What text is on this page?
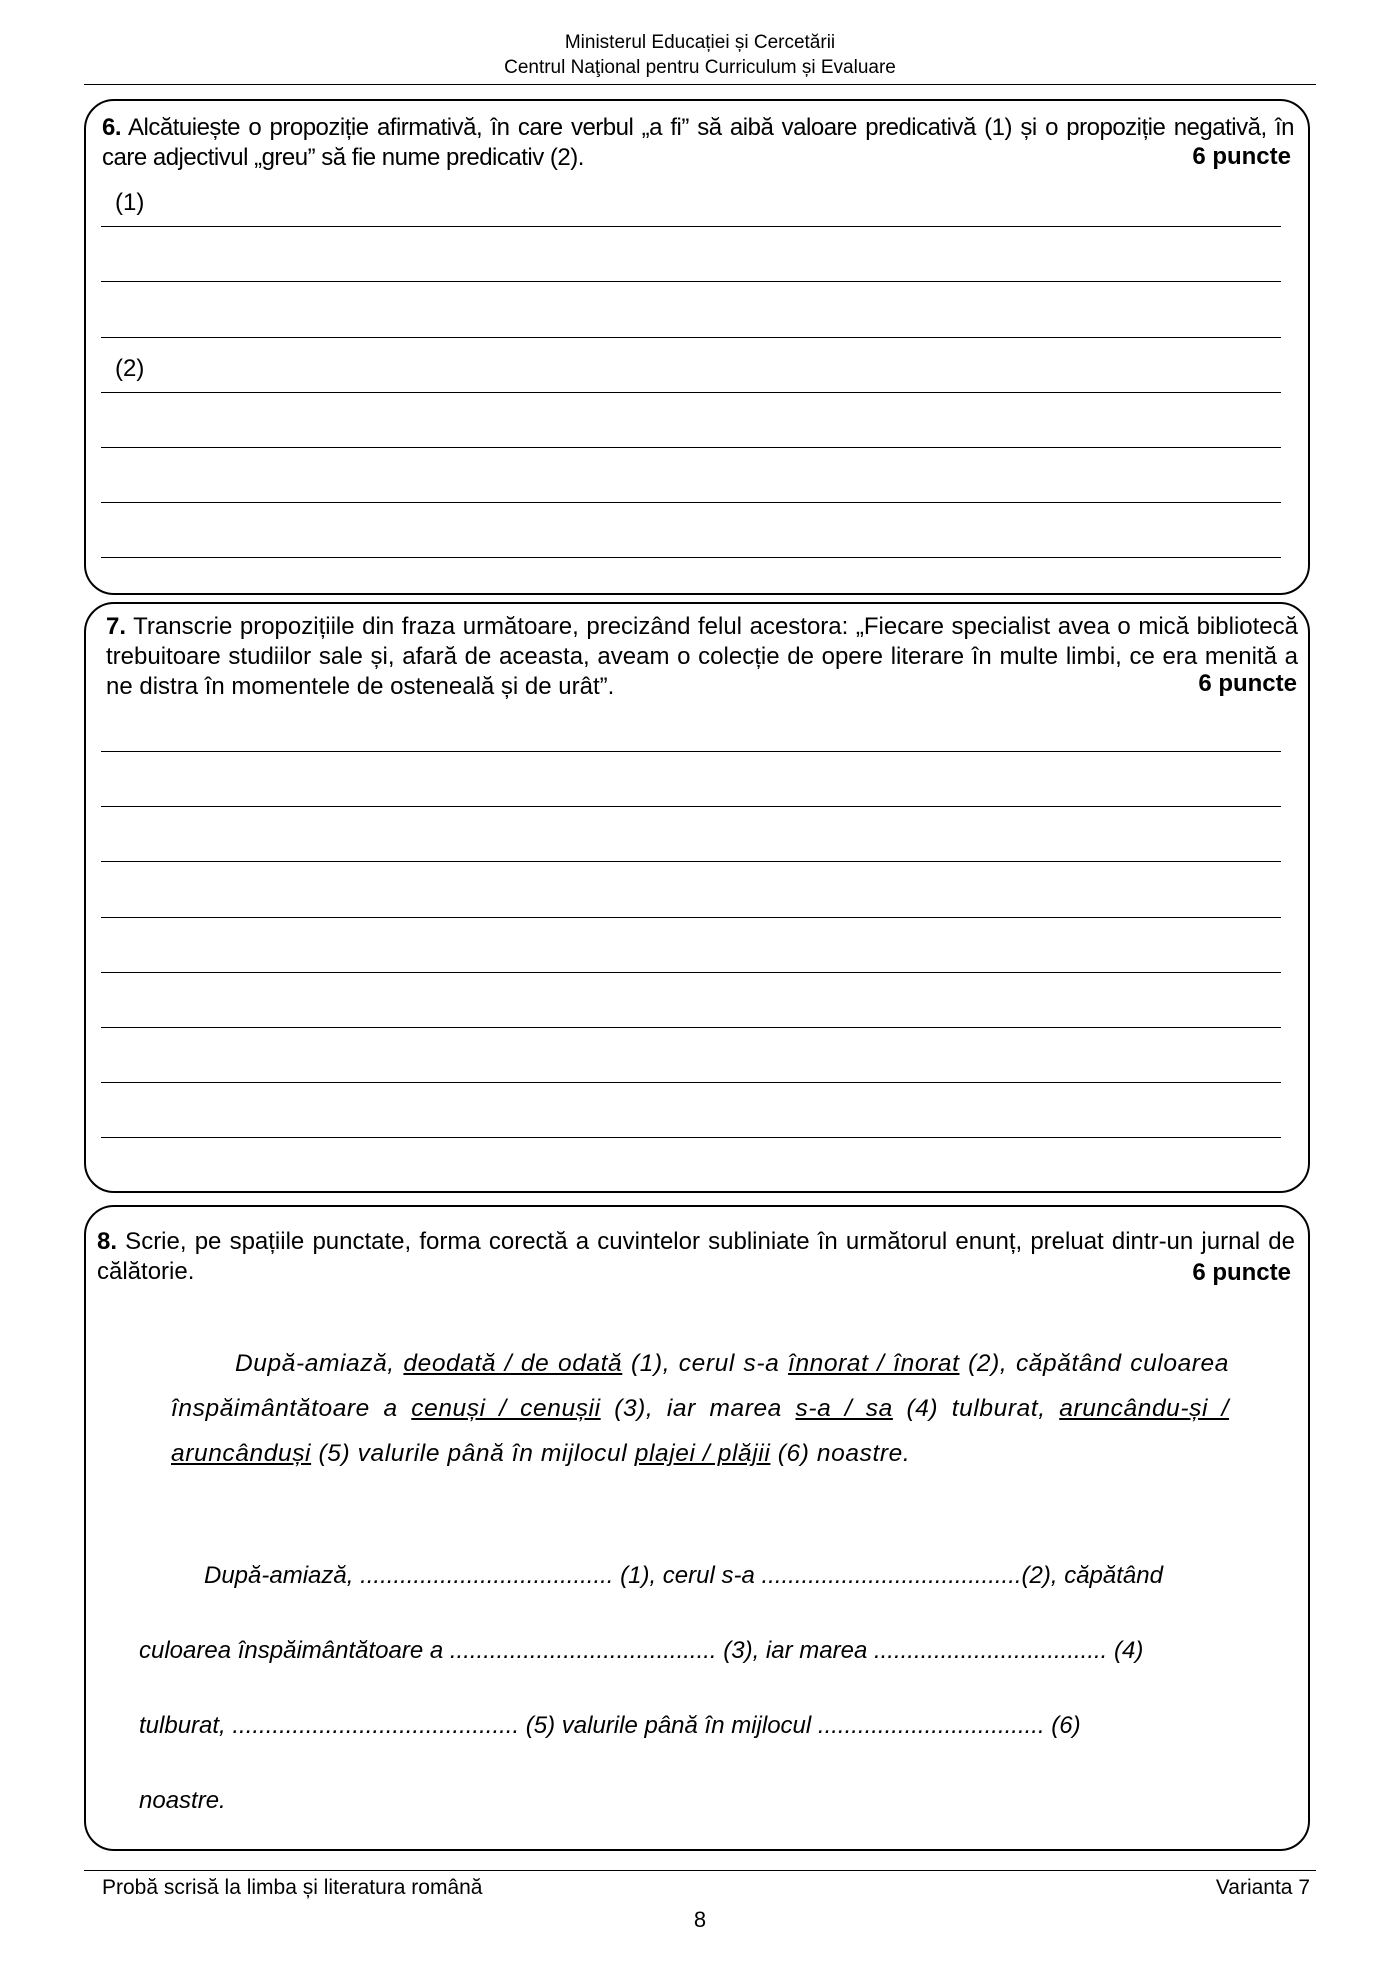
Ministerul Educației și Cercetării
Centrul Naţional pentru Curriculum și Evaluare
6. Alcătuiește o propoziție afirmativă, în care verbul „a fi” să aibă valoare predicativă (1) și o propoziție negativă, în care adjectivul „greu” să fie nume predicativ (2).	6 puncte
(1)
(2)
7. Transcrie propozițiile din fraza următoare, precizând felul acestora: „Fiecare specialist avea o mică bibliotecă trebuitoare studiilor sale și, afară de aceasta, aveam o colecție de opere literare în multe limbi, ce era menită a ne distra în momentele de osteneală și de urât”.	6 puncte
8. Scrie, pe spațiile punctate, forma corectă a cuvintelor subliniate în următorul enunț, preluat dintr-un jurnal de călătorie.	6 puncte
După-amiază, deodată / de odată (1), cerul s-a înnorat / înorat (2), căpătând culoarea înspăimântătoare a cenuși / cenușii (3), iar marea s-a / sa (4) tulburat, aruncându-și / aruncânduși (5) valurile până în mijlocul plajei / plăjii (6) noastre.
După-amiază, ...................................... (1), cerul s-a .......................................(2), căpătând
culoarea înspăimântătoare a ........................................ (3), iar marea ................................... (4)
tulburat, ........................................... (5) valurile până în mijlocul .................................. (6)
noastre.
Probă scrisă la limba și literatura română	Varianta 7
8
